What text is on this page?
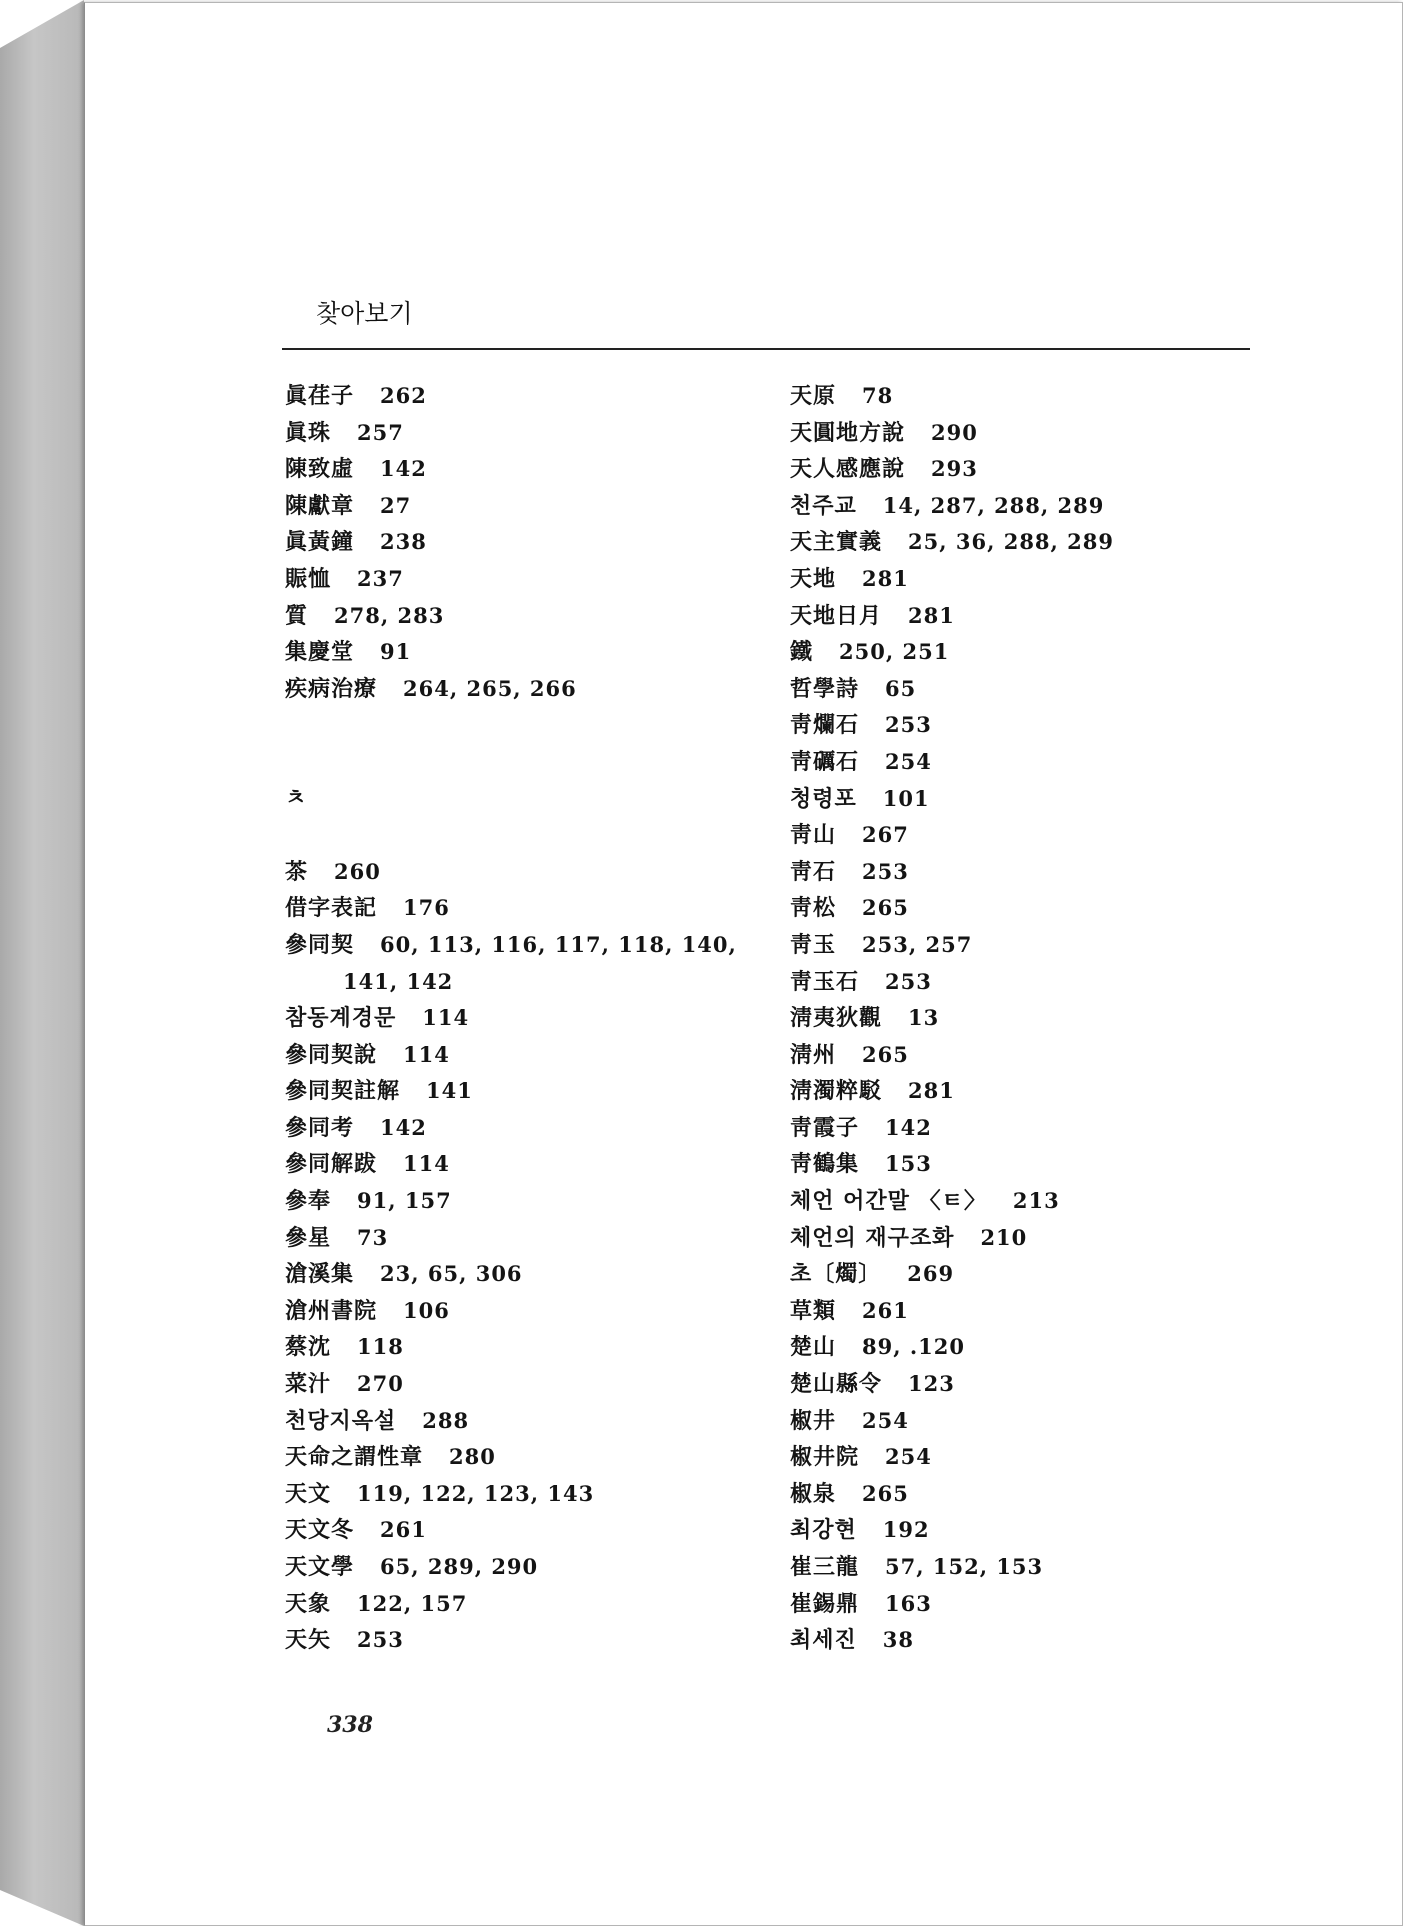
찾아보기
眞荏子 262
眞珠 257
陳致虛 142
陳獻章 27
眞黃鐘 238
賑恤 237
質 278, 283
集慶堂 91
疾病治療 264, 265, 266
ㅊ
茶 260
借字表記 176
參同契 60, 113, 116, 117, 118, 140,
141, 142
참동계경문 114
參同契說 114
參同契註解 141
參同考 142
參同解跋 114
參奉 91, 157
參星 73
滄溪集 23, 65, 306
滄州書院 106
蔡沈 118
菜汁 270
천당지옥설 288
天命之謂性章 280
天文 119, 122, 123, 143
天文冬 261
天文學 65, 289, 290
天象 122, 157
天矢 253
天原 78
天圓地方說 290
天人感應說 293
천주교 14, 287, 288, 289
天主實義 25, 36, 288, 289
天地 281
天地日月 281
鐵 250, 251
哲學詩 65
靑爛石 253
靑礪石 254
청령포 101
靑山 267
靑石 253
靑松 265
靑玉 253, 257
靑玉石 253
淸夷狄觀 13
淸州 265
淸濁粹駁 281
靑霞子 142
靑鶴集 153
체언 어간말 〈ㅌ〉 213
체언의 재구조화 210
초〔燭〕 269
草類 261
楚山 89, .120
楚山縣令 123
椒井 254
椒井院 254
椒泉 265
최강현 192
崔三龍 57, 152, 153
崔錫鼎 163
최세진 38
338
